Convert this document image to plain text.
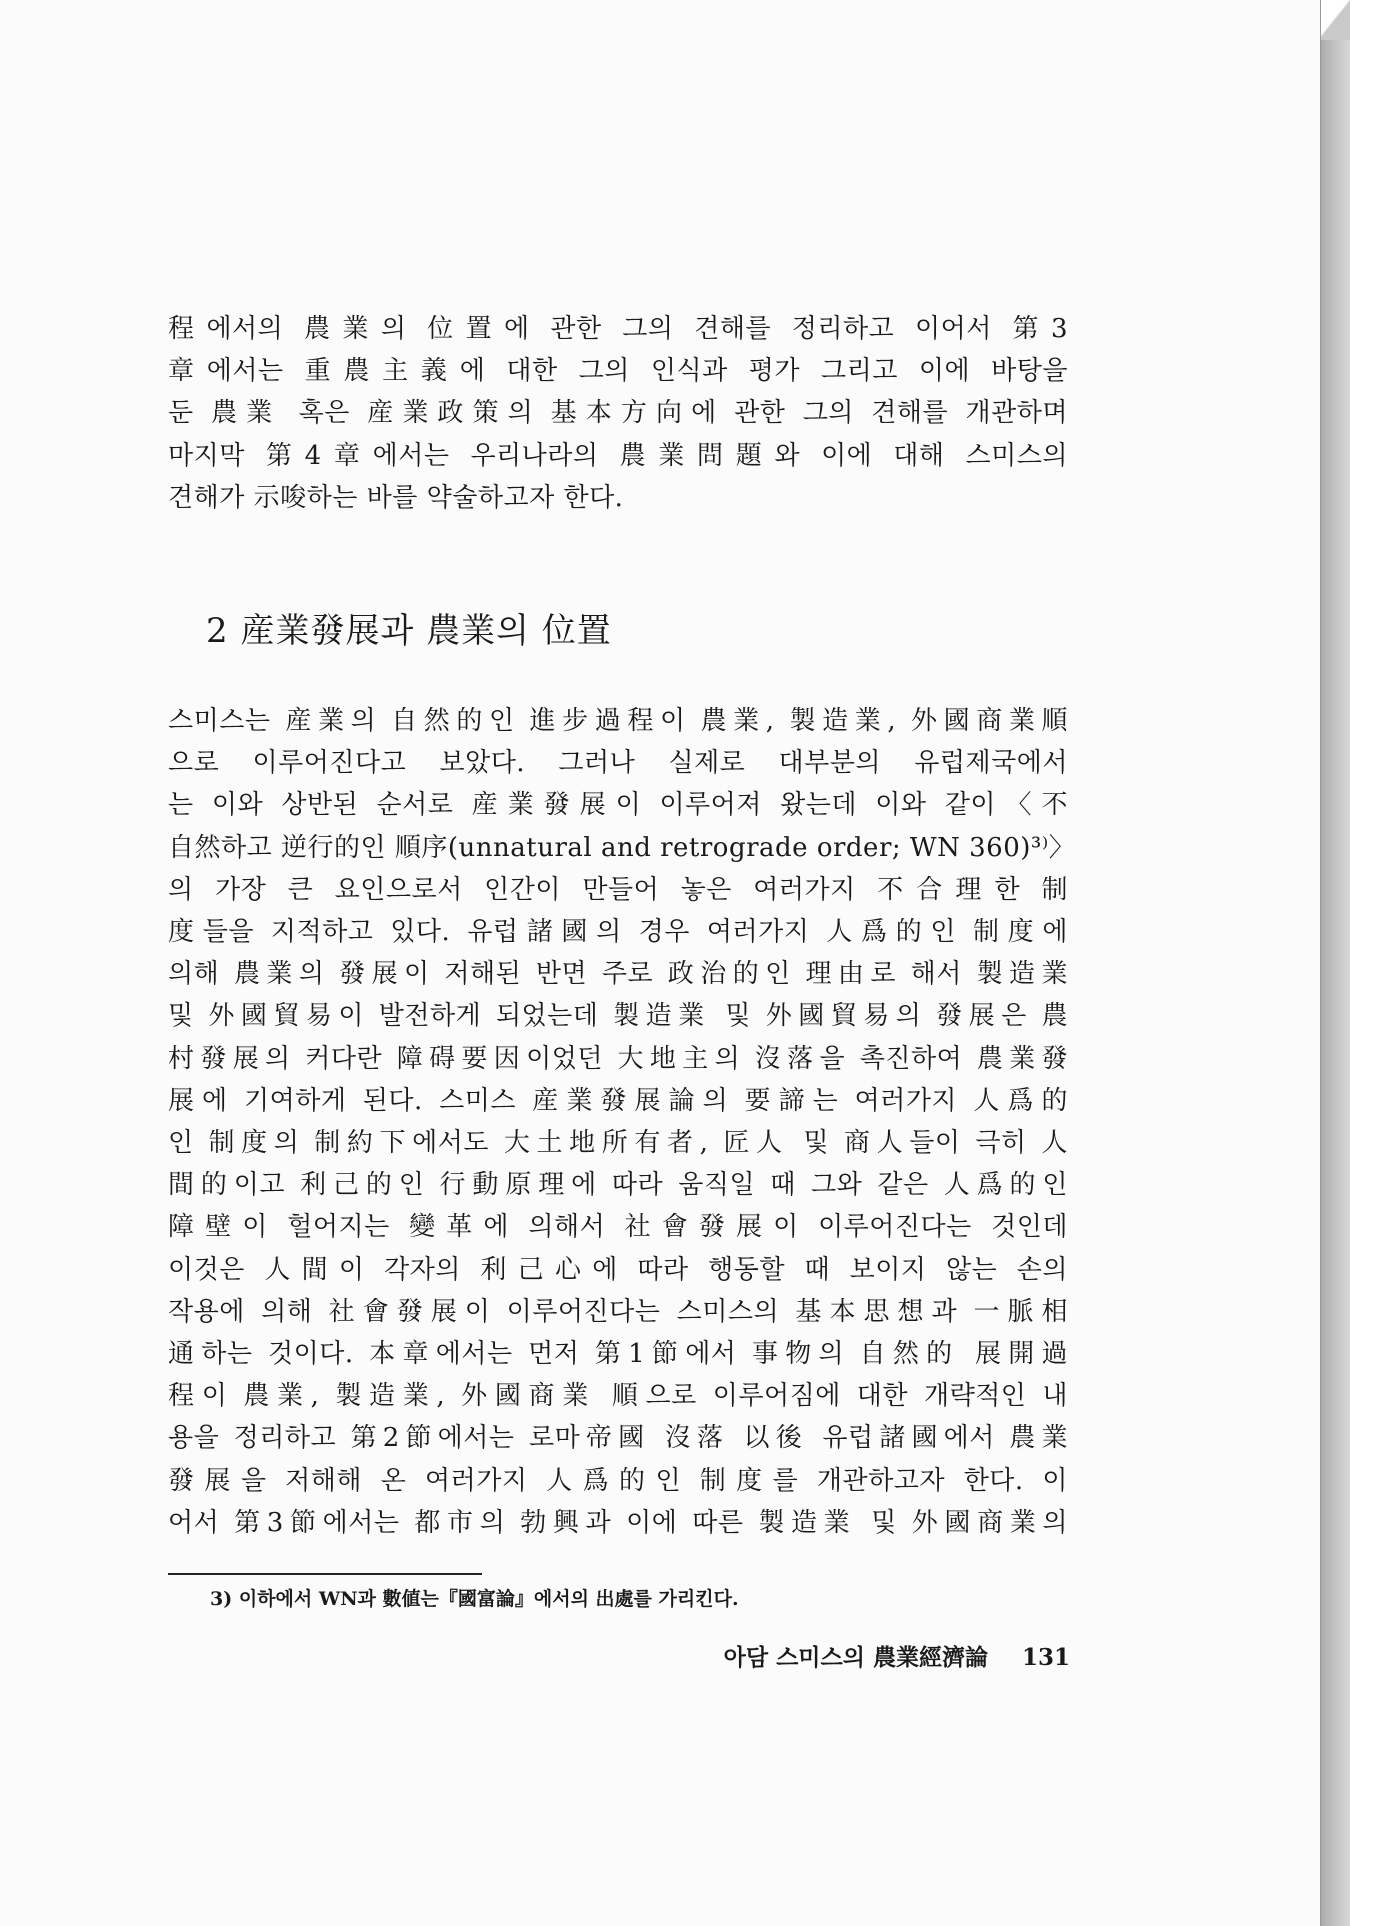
程에서의 農業의 位置에 관한 그의 견해를 정리하고 이어서 第3
章에서는 重農主義에 대한 그의 인식과 평가 그리고 이에 바탕을
둔 農業 혹은 産業政策의 基本方向에 관한 그의 견해를 개관하며
마지막 第4章에서는 우리나라의 農業問題와 이에 대해 스미스의
견해가 示唆하는 바를 약술하고자 한다.

2 産業發展과 農業의 位置

스미스는 産業의 自然的인 進步過程이 農業, 製造業, 外國商業順
으로 이루어진다고 보았다. 그러나 실제로 대부분의 유럽제국에서
는 이와 상반된 순서로 産業發展이 이루어져 왔는데 이와 같이〈不
自然하고 逆行的인 順序(unnatural and retrograde order; WN 360)³⁾〉
의 가장 큰 요인으로서 인간이 만들어 놓은 여러가지 不合理한 制
度들을 지적하고 있다. 유럽諸國의 경우 여러가지 人爲的인 制度에
의해 農業의 發展이 저해된 반면 주로 政治的인 理由로 해서 製造業
및 外國貿易이 발전하게 되었는데 製造業 및 外國貿易의 發展은 農
村發展의 커다란 障碍要因이었던 大地主의 沒落을 촉진하여 農業發
展에 기여하게 된다. 스미스 産業發展論의 要諦는 여러가지 人爲的
인 制度의 制約下에서도 大土地所有者, 匠人 및 商人들이 극히 人
間的이고 利己的인 行動原理에 따라 움직일 때 그와 같은 人爲的인
障壁이 헐어지는 變革에 의해서 社會發展이 이루어진다는 것인데
이것은 人間이 각자의 利己心에 따라 행동할 때 보이지 않는 손의
작용에 의해 社會發展이 이루어진다는 스미스의 基本思想과 一脈相
通하는 것이다. 本章에서는 먼저 第1節에서 事物의 自然的 展開過
程이 農業, 製造業, 外國商業 順으로 이루어짐에 대한 개략적인 내
용을 정리하고 第2節에서는 로마帝國 沒落 以後 유럽諸國에서 農業
發展을 저해해 온 여러가지 人爲的인 制度를 개관하고자 한다. 이
어서 第3節에서는 都市의 勃興과 이에 따른 製造業 및 外國商業의

3) 이하에서 WN과 數値는『國富論』에서의 出處를 가리킨다.

아담 스미스의 農業經濟論 131
